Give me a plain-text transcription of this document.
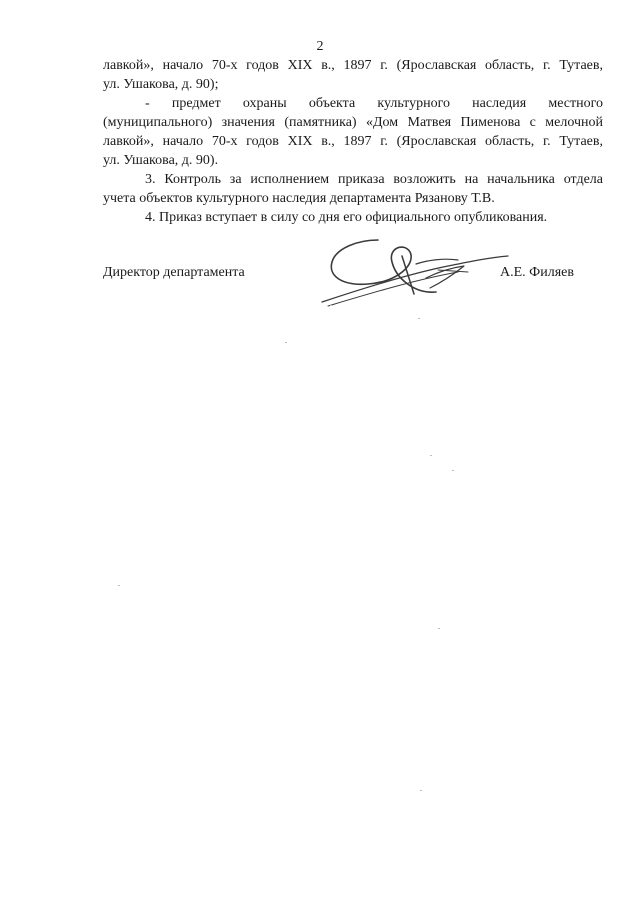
2

лавкой», начало 70-х годов XIX в., 1897 г. (Ярославская область, г. Тутаев,
ул. Ушакова, д. 90);

- предмет охраны объекта культурного наследия местного
(муниципального) значения (памятника) «Дом Матвея Пименова с мелочной
лавкой», начало 70-х годов XIX в., 1897 г. (Ярославская область, г. Тутаев,
ул. Ушакова, д. 90).

3. Контроль за исполнением приказа возложить на начальника отдела
учета объектов культурного наследия департамента Рязанову Т.В.

4. Приказ вступает в силу со дня его официального опубликования.

Директор департамента	А.Е. Филяев
